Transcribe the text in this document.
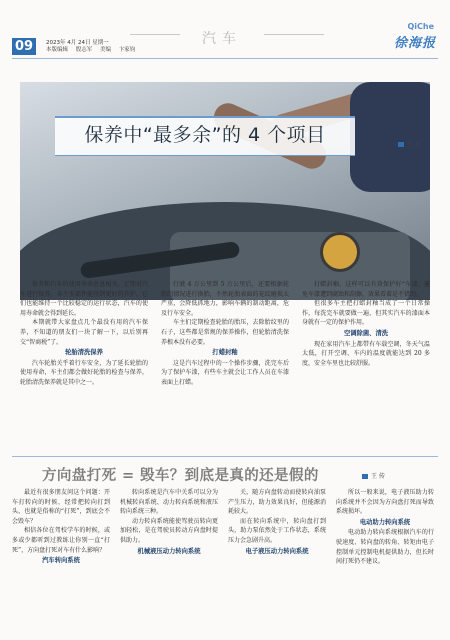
09	2023年 4月 24日 星期一
本版编辑 殷志军 美编 卞家钧
汽车
QiChe
徐海报
保养中“最多余”的 4 个项目	杰 迅

保养和汽车的使用寿命息息相关，定期对汽车进行保养，各个零部件能得到更好的养护，它们也能维持一个比较稳定的运行状态，汽车的使用寿命就会得到延长。

本期就带大家盘点几个最没有用的汽车保养，不知道的朋友们一块了解一下，以后别再交“智商税”了。

轮胎清洗保养

汽车轮胎关乎着行车安全，为了延长轮胎的使用寿命，车主们都会做好轮胎的检查与保养，轮胎清洗保养就是其中之一。

行驶 4 万公里到 5 万公里后，还要根据轮胎的情况进行换胎，不然轮胎表面的花纹磨损太严重，会降低抓地力，影响车辆的制动距离，危及行车安全。

车主们定期检查轮胎的胎压，去除胎纹里的石子，这些都是常规的保养操作，但轮胎清洗保养根本没有必要。

打蜡封釉

这是汽车过程中的一个操作步骤，洗完车后为了保护车漆，有些车主就会让工作人员在车漆表面上打蜡。

打蜡封釉，这样可以有效保护好“车漆，避免车漆遭到腐蚀和刮擦，效果看着是不错的。

但很多车主把打蜡封釉当成了一个日常操作，每洗完车就要做一遍，但其实汽车的漆面本身就有一定的保护作用。

空调除菌、清洗

现在家用汽车上都带有车载空调，冬天气温太低，打开空调，车内的温度就能达到 20 多度，安全车里也比较舒服。

方向盘打死 = 毁车？到底是真的还是假的	王 传

最近有很多朋友问这个问题：开车打转向的时候，经常把转向打到头，也就是俗称的“打死”，到底会不会毁车？

相信各位在驾校学车的时候，或多或少都听到过教练让你别一直“打死”，方向盘打死对车有什么影响？

汽车转向系统

转向系统是汽车中关系可以分为机械转向系统、动力转向系统和液压转向系统三种。

动力转向系统能使驾驶员转向更加轻松，是在驾驶员转动方向盘时提供助力。

机械液压动力转向系统

关，随方向盘转动而使转向油泵产生压力，助力效果良好，但能源消耗较大。

而在转向系统中，转向盘打到头，助力泵依然处于工作状态，系统压力会急剧升高。

电子液压动力转向系统

所以一般来说，电子液压助力转向系统并不会因为方向盘打死而导致系统损坏。

电动助力转向系统

电动助力转向系统根据汽车的行驶速度、转向盘的转角、转矩由电子控制单元控制电机提供助力，但长时间打死仍不建议。
